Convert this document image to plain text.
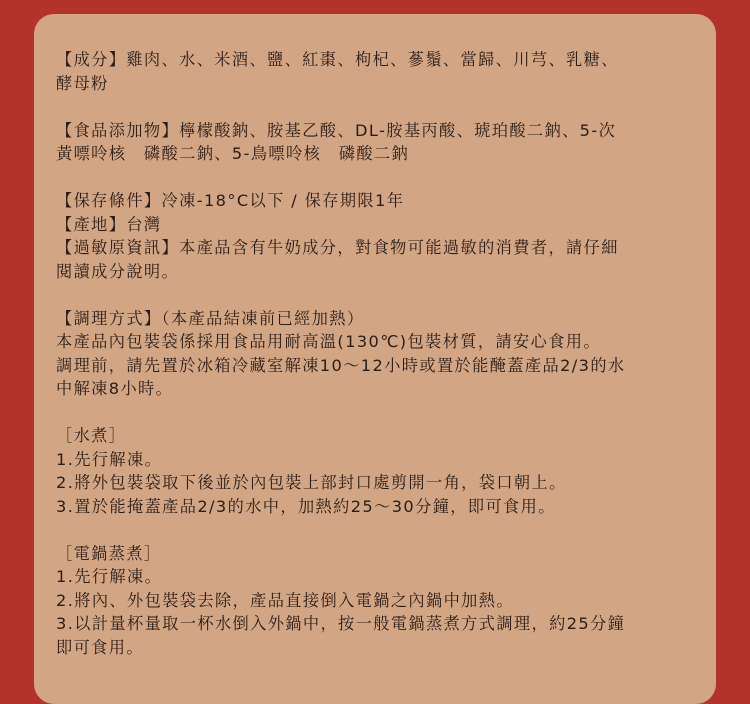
【成分】雞肉、水、米酒、鹽、紅棗、枸杞、蔘鬚、當歸、川芎、乳糖、
酵母粉
【食品添加物】檸檬酸鈉、胺基乙酸、DL-胺基丙酸、琥珀酸二鈉、5-次
黃嘌呤核　磷酸二鈉、5-鳥嘌呤核　磷酸二鈉
【保存條件】冷凍-18°C以下 / 保存期限1年
【產地】台灣
【過敏原資訊】本產品含有牛奶成分，對食物可能過敏的消費者，請仔細
閱讀成分說明。
【調理方式】（本產品結凍前已經加熱）
本產品內包裝袋係採用食品用耐高溫(130℃)包裝材質，請安心食用。
調理前，請先置於冰箱冷藏室解凍10～12小時或置於能醃蓋產品2/3的水
中解凍8小時。
［水煮］
1.先行解凍。
2.將外包裝袋取下後並於內包裝上部封口處剪開一角，袋口朝上。
3.置於能掩蓋產品2/3的水中，加熱約25～30分鐘，即可食用。
［電鍋蒸煮］
1.先行解凍。
2.將內、外包裝袋去除，產品直接倒入電鍋之內鍋中加熱。
3.以計量杯量取一杯水倒入外鍋中，按一般電鍋蒸煮方式調理，約25分鐘
即可食用。
